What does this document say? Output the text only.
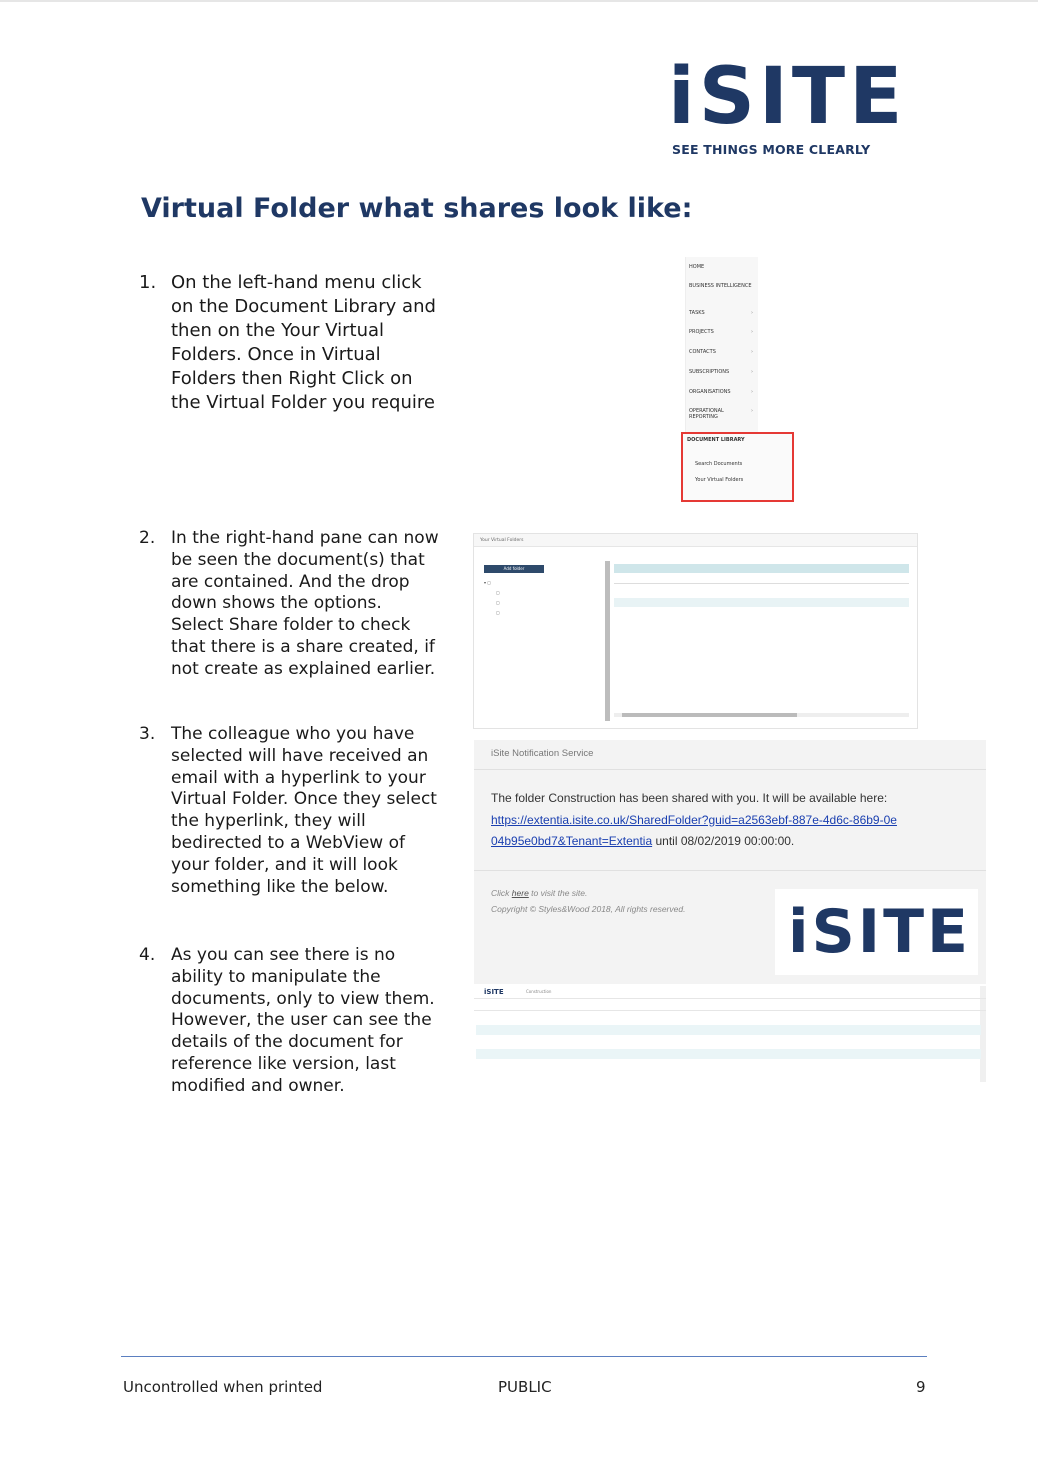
iSITE
SEE THINGS MORE CLEARLY
Virtual Folder what shares look like:
1. On the left-hand menu click on the Document Library and then on the Your Virtual Folders. Once in Virtual Folders then Right Click on the Virtual Folder you require
2. In the right-hand pane can now be seen the document(s) that are contained. And the drop down shows the options. Select Share folder to check that there is a share created, if not create as explained earlier.
3. The colleague who you have selected will have received an email with a hyperlink to your Virtual Folder. Once they select the hyperlink, they will bedirected to a WebView of your folder, and it will look something like the below.
4. As you can see there is no ability to manipulate the documents, only to view them. However, the user can see the details of the document for reference like version, last modified and owner.
HOME
BUSINESS INTELLIGENCE
TASKS	›
PROJECTS	›
CONTACTS	›
SUBSCRIPTIONS	›
ORGANISATIONS	›
OPERATIONAL REPORTING
›
DOCUMENT LIBRARY
Search Documents
Your Virtual Folders
Your Virtual Folders
Add folder
▾ ▢
▢
▢
▢
iSite Notification Service
The folder Construction has been shared with you. It will be available here:
https://extentia.isite.co.uk/SharedFolder?guid=a2563ebf-887e-4d6c-86b9-0e04b95e0bd7&Tenant=Extentia until 08/02/2019 00:00:00.
Click here to visit the site.
Copyright © Styles&Wood 2018, All rights reserved. iSITE
iSITE	Construction
Uncontrolled when printed	PUBLIC	9
